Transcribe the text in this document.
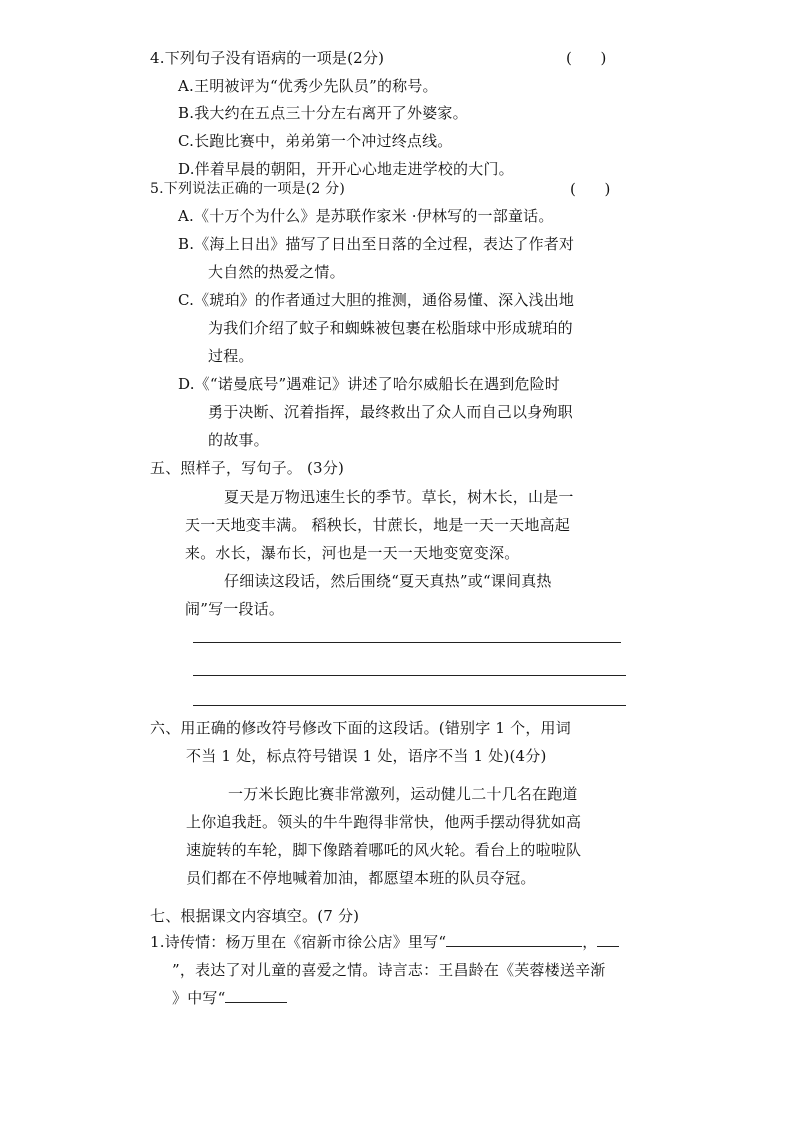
4.下列句子没有语病的一项是(2分)	(      )
A.王明被评为“优秀少先队员”的称号。
B.我大约在五点三十分左右离开了外婆家。
C.长跑比赛中，弟弟第一个冲过终点线。
D.伴着早晨的朝阳，开开心心地走进学校的大门。
5.下列说法正确的一项是(2 分)	(      )
A.《十万个为什么》是苏联作家米 ·伊林写的一部童话。
B.《海上日出》描写了日出至日落的全过程，表达了作者对
大自然的热爱之情。
C.《琥珀》的作者通过大胆的推测，通俗易懂、深入浅出地
为我们介绍了蚊子和蜘蛛被包裹在松脂球中形成琥珀的
过程。
D.《“诺曼底号”遇难记》讲述了哈尔威船长在遇到危险时
勇于决断、沉着指挥，最终救出了众人而自己以身殉职
的故事。
五、照样子，写句子。 (3分)
夏天是万物迅速生长的季节。草长，树木长，山是一
天一天地变丰满。 稻秧长，甘蔗长，地是一天一天地高起
来。水长，瀑布长，河也是一天一天地变宽变深。
仔细读这段话，然后围绕“夏天真热”或“课间真热
闹”写一段话。
六、用正确的修改符号修改下面的这段话。(错别字 1 个，用词
不当 1 处，标点符号错误 1 处，语序不当 1 处)(4分)
一万米长跑比赛非常激列，运动健儿二十几名在跑道
上你追我赶。领头的牛牛跑得非常快，他两手摆动得犹如高
速旋转的车轮，脚下像踏着哪吒的风火轮。看台上的啦啦队
员们都在不停地喊着加油，都愿望本班的队员夺冠。
七、根据课文内容填空。(7 分)
1.诗传情：杨万里在《宿新市徐公店》里写“	，
”，表达了对儿童的喜爱之情。诗言志：王昌龄在《芙蓉楼送辛渐
》中写“
